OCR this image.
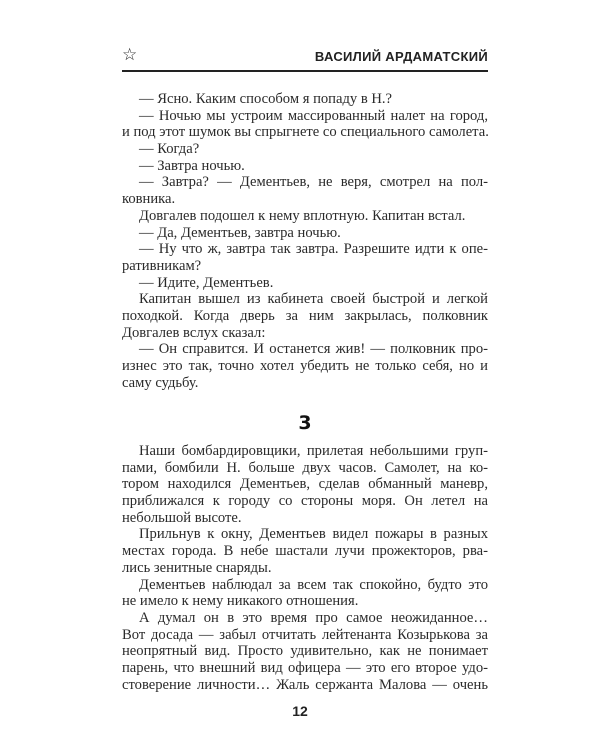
☆	ВАСИЛИЙ АРДАМАТСКИЙ
— Ясно. Каким способом я попаду в Н.?
— Ночью мы устроим массированный налет на город,
и под этот шумок вы спрыгнете со специального самолета.
— Когда?
— Завтра ночью.
— Завтра? — Дементьев, не веря, смотрел на пол-
ковника.
Довгалев подошел к нему вплотную. Капитан встал.
— Да, Дементьев, завтра ночью.
— Ну что ж, завтра так завтра. Разрешите идти к опе-
ративникам?
— Идите, Дементьев.
Капитан вышел из кабинета своей быстрой и легкой
походкой. Когда дверь за ним закрылась, полковник
Довгалев вслух сказал:
— Он справится. И останется жив! — полковник про-
изнес это так, точно хотел убедить не только себя, но и
саму судьбу.
3
Наши бомбардировщики, прилетая небольшими груп-
пами, бомбили Н. больше двух часов. Самолет, на ко-
тором находился Дементьев, сделав обманный маневр,
приближался к городу со стороны моря. Он летел на
небольшой высоте.
Прильнув к окну, Дементьев видел пожары в разных
местах города. В небе шастали лучи прожекторов, рва-
лись зенитные снаряды.
Дементьев наблюдал за всем так спокойно, будто это
не имело к нему никакого отношения.
А думал он в это время про самое неожиданное…
Вот досада — забыл отчитать лейтенанта Козырькова за
неопрятный вид. Просто удивительно, как не понимает
парень, что внешний вид офицера — это его второе удо-
стоверение личности… Жаль сержанта Малова — очень
12
